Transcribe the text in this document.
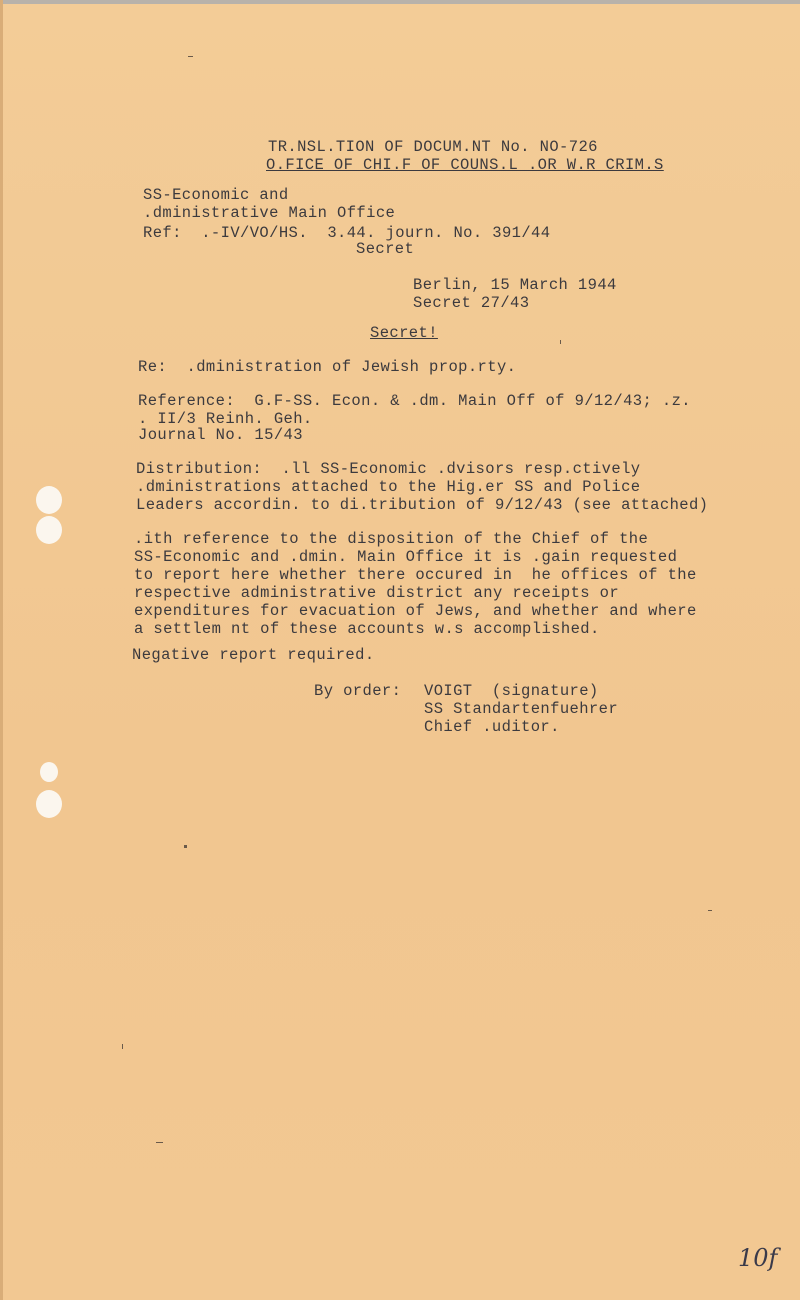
TR.NSL.TION OF DOCUM.NT No. NO-726
O.FICE OF CHI.F OF COUNS.L .OR W.R CRIM.S
SS-Economic and
.dministrative Main Office
Ref:  .-IV/VO/HS.  3.44. journ. No. 391/44
Secret
Berlin, 15 March 1944
Secret 27/43
Secret!
Re:  .dministration of Jewish prop.rty.
Reference:  G.F-SS. Econ. & .dm. Main Off of 9/12/43; .z.
. II/3 Reinh. Geh.
Journal No. 15/43
Distribution:  .ll SS-Economic .dvisors resp.ctively
.dministrations attached to the Hig.er SS and Police
Leaders accordin. to di.tribution of 9/12/43 (see attached)
.ith reference to the disposition of the Chief of the
SS-Economic and .dmin. Main Office it is .gain requested
to report here whether there occured in  he offices of the
respective administrative district any receipts or
expenditures for evacuation of Jews, and whether and where
a settlem nt of these accounts w.s accomplished.
Negative report required.
By order: VOIGT  (signature)
SS Standartenfuehrer
Chief .uditor.
10f
